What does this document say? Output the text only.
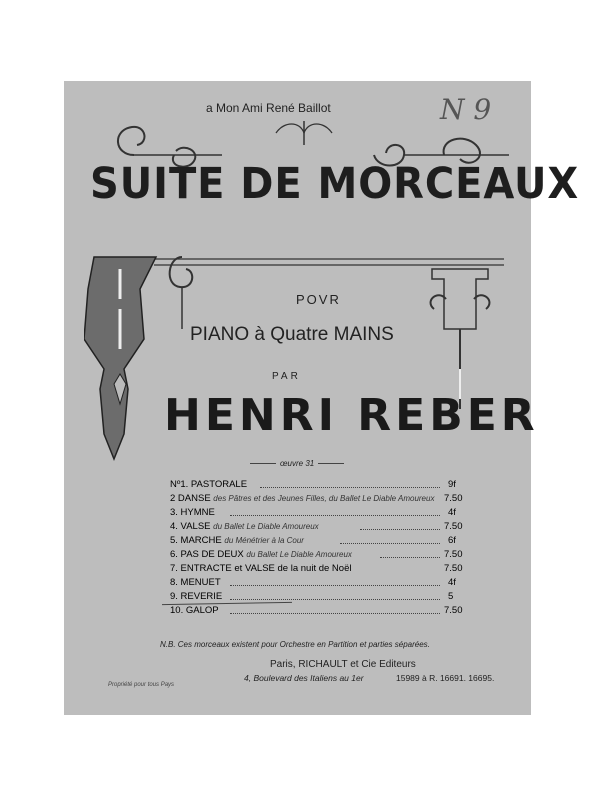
a Mon Ami René Baillot	N 9
SUITE DE MORCEAUX
POVR
PIANO à Quatre MAINS
PAR
HENRI REBER
œuvre 31
Nº1. PASTORALE	9f
2 DANSE des Pâtres et des Jeunes Filles, du Ballet Le Diable Amoureux 7.50
3. HYMNE	4f
4. VALSE du Ballet Le Diable Amoureux	7.50
5. MARCHE du Ménétrier à la Cour	6f
6. PAS DE DEUX du Ballet Le Diable Amoureux	7.50
7. ENTRACTE et VALSE de la nuit de Noël	7.50
8. MENUET	4f
9. REVERIE	5
10. GALOP	7.50
N.B. Ces morceaux existent pour Orchestre en Partition et parties séparées.
Paris, RICHAULT et Cie Editeurs
4, Boulevard des Italiens au 1er	15989 à R. 16691. 16695.
Propriété pour tous Pays
